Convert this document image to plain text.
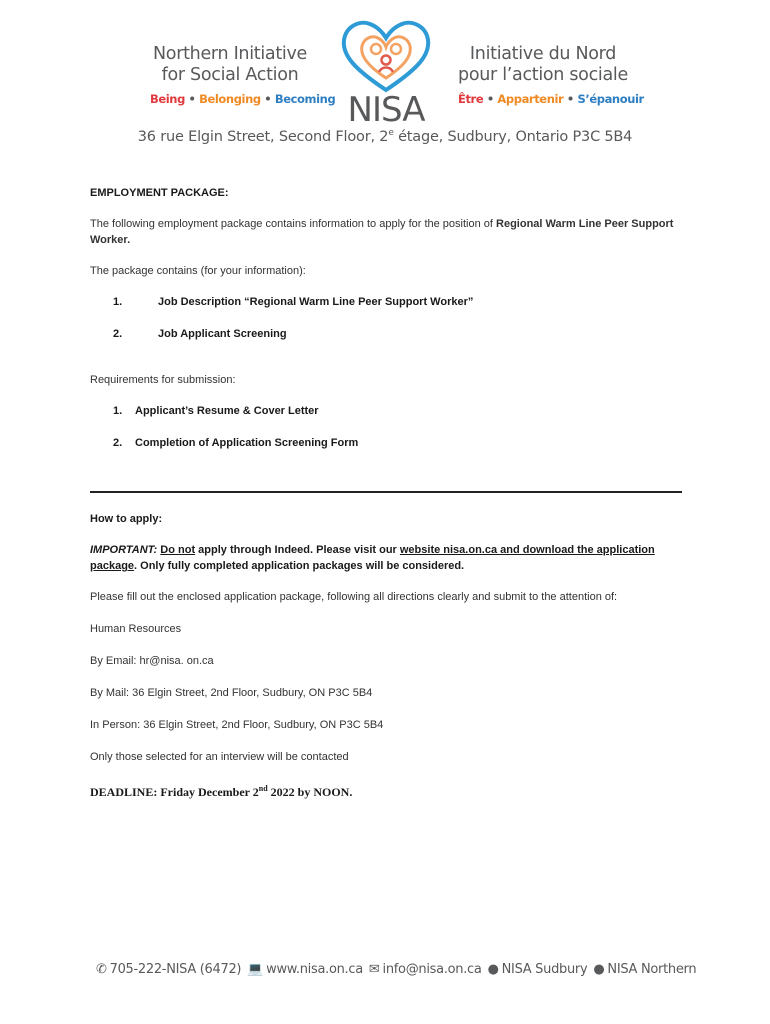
Northern Initiative
for Social Action
Being • Belonging • Becoming NISA
Initiative du Nord
pour l’action sociale
Être • Appartenir • S’épanouir
36 rue Elgin Street, Second Floor, 2e étage, Sudbury, Ontario P3C 5B4

EMPLOYMENT PACKAGE:

The following employment package contains information to apply for the position of Regional Warm Line Peer Support Worker.

The package contains (for your information):

1.	Job Description “Regional Warm Line Peer Support Worker”
2.	Job Applicant Screening

Requirements for submission:

1.	Applicant’s Resume & Cover Letter
2.	Completion of Application Screening Form

How to apply:

IMPORTANT: Do not apply through Indeed. Please visit our website nisa.on.ca and download the application package. Only fully completed application packages will be considered.

Please fill out the enclosed application package, following all directions clearly and submit to the attention of:

Human Resources

By Email: hr@nisa. on.ca

By Mail: 36 Elgin Street, 2nd Floor, Sudbury, ON P3C 5B4

In Person: 36 Elgin Street, 2nd Floor, Sudbury, ON P3C 5B4

Only those selected for an interview will be contacted

DEADLINE: Friday December 2nd 2022 by NOON.

✆ 705-222-NISA (6472) 💻 www.nisa.on.ca ✉ info@nisa.on.ca ● NISA Sudbury ● NISA Northern
